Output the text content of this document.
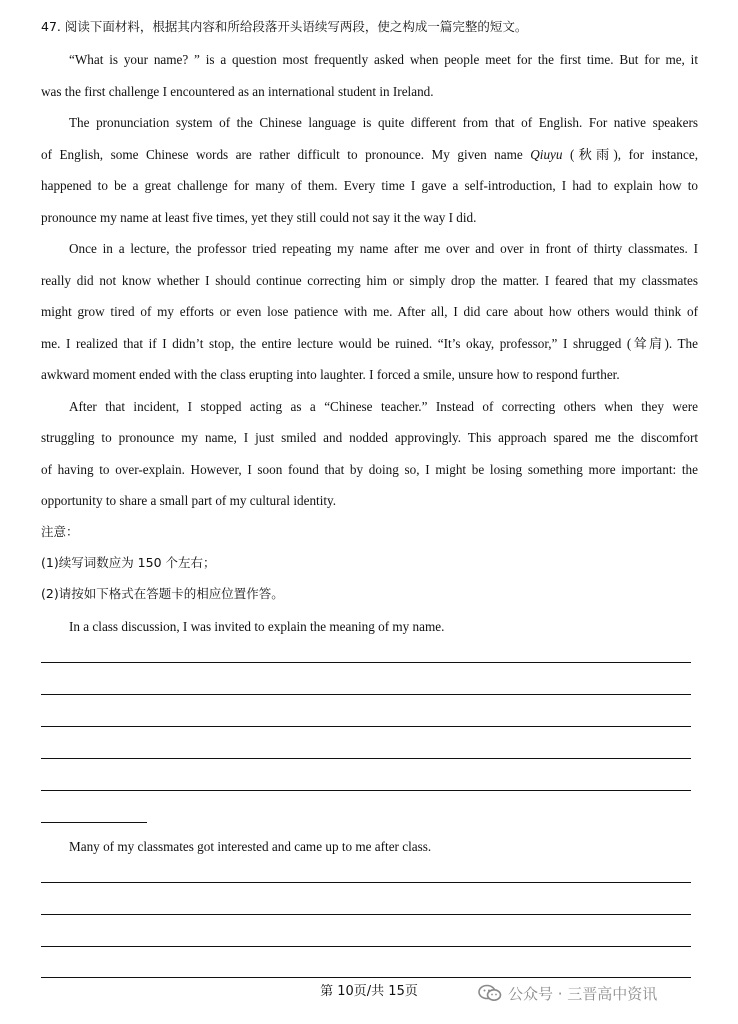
47. 阅读下面材料，根据其内容和所给段落开头语续写两段，使之构成一篇完整的短文。
“What is your name? ” is a question most frequently asked when people meet for the first time. But for me, it
was the first challenge I encountered as an international student in Ireland.
The pronunciation system of the Chinese language is quite different from that of English. For native speakers
of English, some Chinese words are rather difficult to pronounce. My given name Qiuyu (秋雨), for instance,
happened to be a great challenge for many of them. Every time I gave a self-introduction, I had to explain how to
pronounce my name at least five times, yet they still could not say it the way I did.
Once in a lecture, the professor tried repeating my name after me over and over in front of thirty classmates. I
really did not know whether I should continue correcting him or simply drop the matter. I feared that my classmates
might grow tired of my efforts or even lose patience with me. After all, I did care about how others would think of
me. I realized that if I didn’t stop, the entire lecture would be ruined. “It’s okay, professor,” I shrugged (耸肩). The
awkward moment ended with the class erupting into laughter. I forced a smile, unsure how to respond further.
After that incident, I stopped acting as a “Chinese teacher.” Instead of correcting others when they were
struggling to pronounce my name, I just smiled and nodded approvingly. This approach spared me the discomfort
of having to over-explain. However, I soon found that by doing so, I might be losing something more important: the
opportunity to share a small part of my cultural identity.
注意：
(1)续写词数应为 150 个左右；
(2)请按如下格式在答题卡的相应位置作答。
In a class discussion, I was invited to explain the meaning of my name.
Many of my classmates got interested and came up to me after class.
第 10页/共 15页	公众号 · 三晋高中资讯
